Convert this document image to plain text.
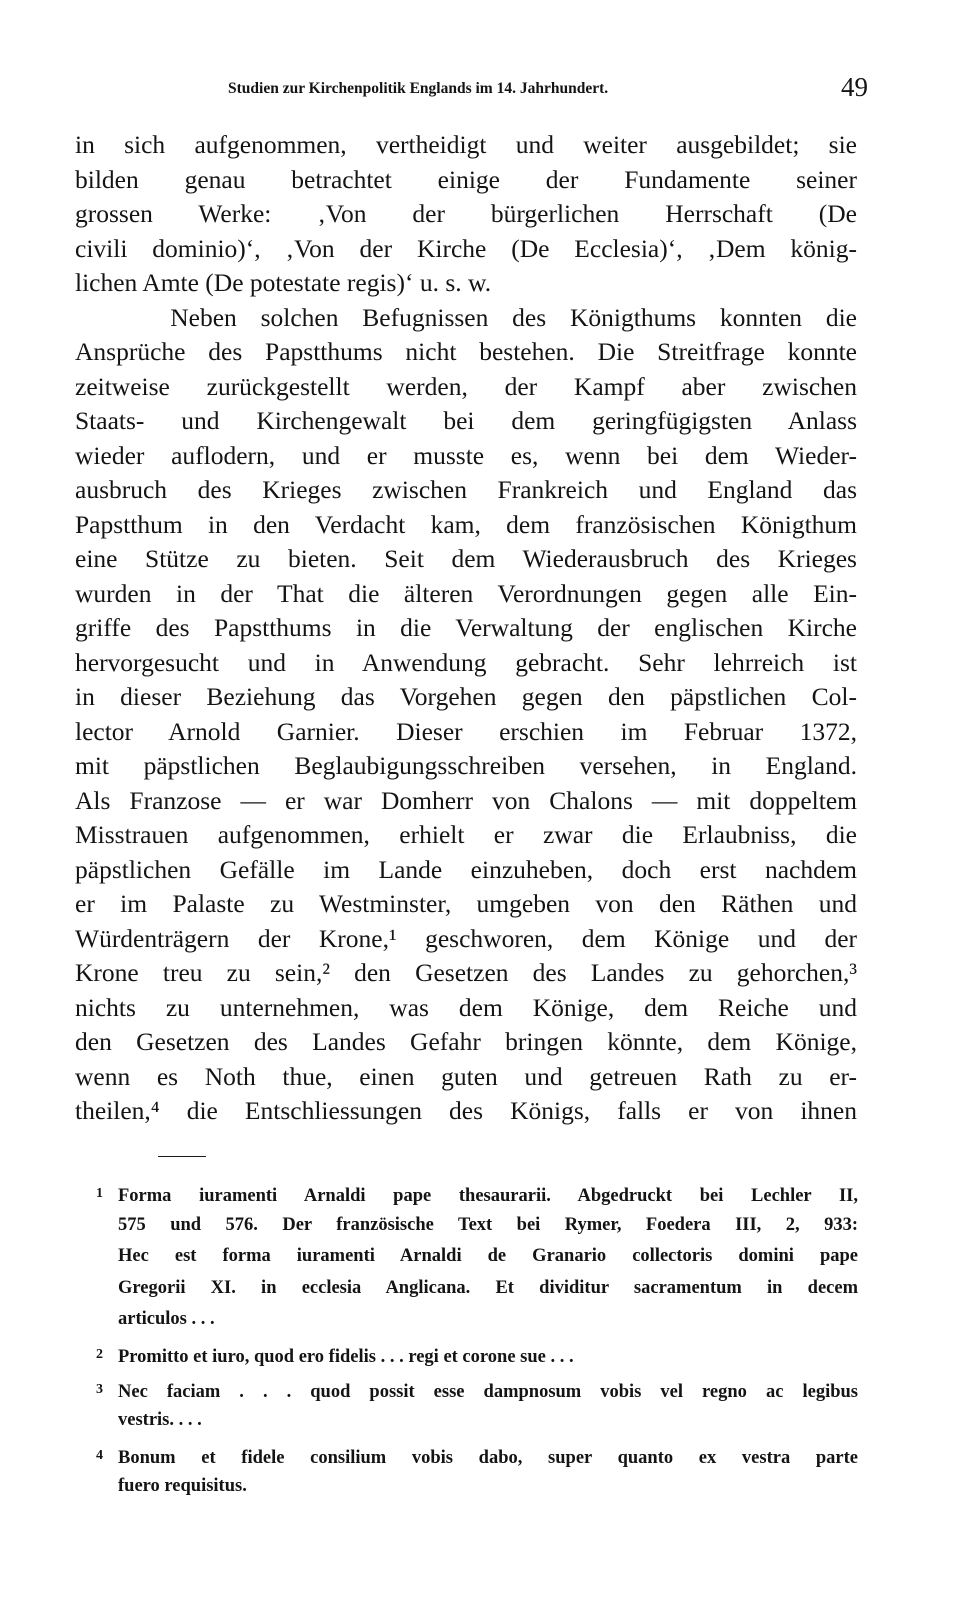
Studien zur Kirchenpolitik Englands im 14. Jahrhundert.	49
in sich aufgenommen, vertheidigt und weiter ausgebildet; sie
bilden genau betrachtet einige der Fundamente seiner
grossen Werke: ‚Von der bürgerlichen Herrschaft (De
civili dominio)‘, ‚Von der Kirche (De Ecclesia)‘, ‚Dem könig-
lichen Amte (De potestate regis)‘ u. s. w.
Neben solchen Befugnissen des Königthums konnten die
Ansprüche des Papstthums nicht bestehen. Die Streitfrage konnte
zeitweise zurückgestellt werden, der Kampf aber zwischen
Staats- und Kirchengewalt bei dem geringfügigsten Anlass
wieder auflodern, und er musste es, wenn bei dem Wieder-
ausbruch des Krieges zwischen Frankreich und England das
Papstthum in den Verdacht kam, dem französischen Königthum
eine Stütze zu bieten. Seit dem Wiederausbruch des Krieges
wurden in der That die älteren Verordnungen gegen alle Ein-
griffe des Papstthums in die Verwaltung der englischen Kirche
hervorgesucht und in Anwendung gebracht. Sehr lehrreich ist
in dieser Beziehung das Vorgehen gegen den päpstlichen Col-
lector Arnold Garnier. Dieser erschien im Februar 1372,
mit päpstlichen Beglaubigungsschreiben versehen, in England.
Als Franzose — er war Domherr von Chalons — mit doppeltem
Misstrauen aufgenommen, erhielt er zwar die Erlaubniss, die
päpstlichen Gefälle im Lande einzuheben, doch erst nachdem
er im Palaste zu Westminster, umgeben von den Räthen und
Würdenträgern der Krone,¹ geschworen, dem Könige und der
Krone treu zu sein,² den Gesetzen des Landes zu gehorchen,³
nichts zu unternehmen, was dem Könige, dem Reiche und
den Gesetzen des Landes Gefahr bringen könnte, dem Könige,
wenn es Noth thue, einen guten und getreuen Rath zu er-
theilen,⁴ die Entschliessungen des Königs, falls er von ihnen
1 Forma iuramenti Arnaldi pape thesaurarii. Abgedruckt bei Lechler II,
575 und 576. Der französische Text bei Rymer, Foedera III, 2, 933:
Hec est forma iuramenti Arnaldi de Granario collectoris domini pape
Gregorii XI. in ecclesia Anglicana. Et dividitur sacramentum in decem
articulos . . .
2 Promitto et iuro, quod ero fidelis . . . regi et corone sue . . .
3 Nec faciam . . . quod possit esse dampnosum vobis vel regno ac legibus
vestris. . . .
4 Bonum et fidele consilium vobis dabo, super quanto ex vestra parte
fuero requisitus.
